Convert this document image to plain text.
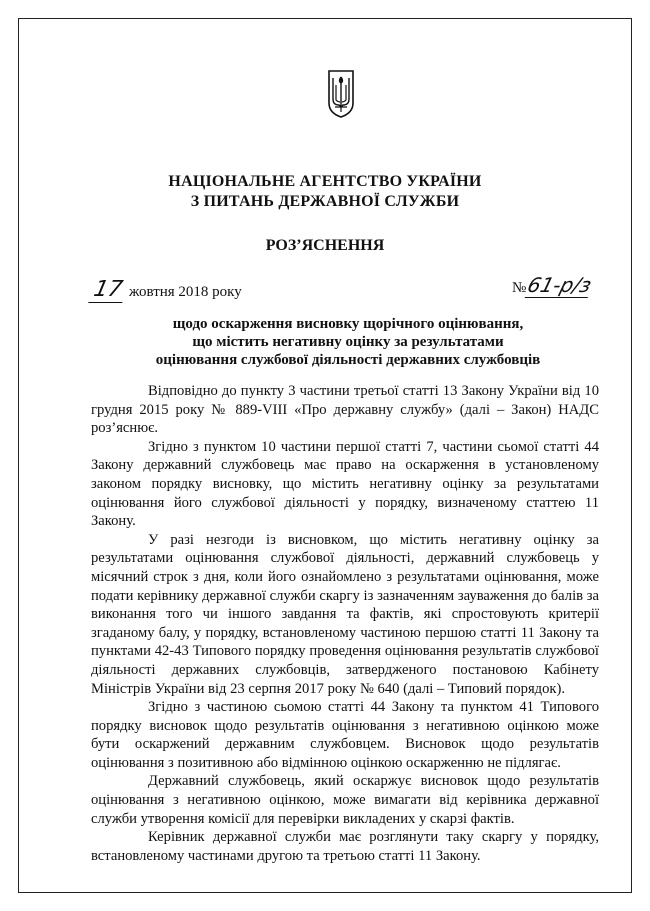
НАЦІОНАЛЬНЕ АГЕНТСТВО УКРАЇНИ
З ПИТАНЬ ДЕРЖАВНОЇ СЛУЖБИ
РОЗ’ЯСНЕННЯ
17 жовтня 2018 року	№61-р/з
щодо оскарження висновку щорічного оцінювання,
що містить негативну оцінку за результатами
оцінювання службової діяльності державних службовців

Відповідно до пункту 3 частини третьої статті 13 Закону України від 10 грудня 2015 року № 889-VIII «Про державну службу» (далі – Закон) НАДС роз’яснює.

Згідно з пунктом 10 частини першої статті 7, частини сьомої статті 44 Закону державний службовець має право на оскарження в установленому законом порядку висновку, що містить негативну оцінку за результатами оцінювання його службової діяльності у порядку, визначеному статтею 11 Закону.

У разі незгоди із висновком, що містить негативну оцінку за результатами оцінювання службової діяльності, державний службовець у місячний строк з дня, коли його ознайомлено з результатами оцінювання, може подати керівнику державної служби скаргу із зазначенням зауваження до балів за виконання того чи іншого завдання та фактів, які спростовують критерії згаданому балу, у порядку, встановленому частиною першою статті 11 Закону та пунктами 42-43 Типового порядку проведення оцінювання результатів службової діяльності державних службовців, затвердженого постановою Кабінету Міністрів України від 23 серпня 2017 року № 640 (далі – Типовий порядок).

Згідно з частиною сьомою статті 44 Закону та пунктом 41 Типового порядку висновок щодо результатів оцінювання з негативною оцінкою може бути оскаржений державним службовцем. Висновок щодо результатів оцінювання з позитивною або відмінною оцінкою оскарженню не підлягає.

Державний службовець, який оскаржує висновок щодо результатів оцінювання з негативною оцінкою, може вимагати від керівника державної служби утворення комісії для перевірки викладених у скарзі фактів.

Керівник державної служби має розглянути таку скаргу у порядку, встановленому частинами другою та третьою статті 11 Закону.
